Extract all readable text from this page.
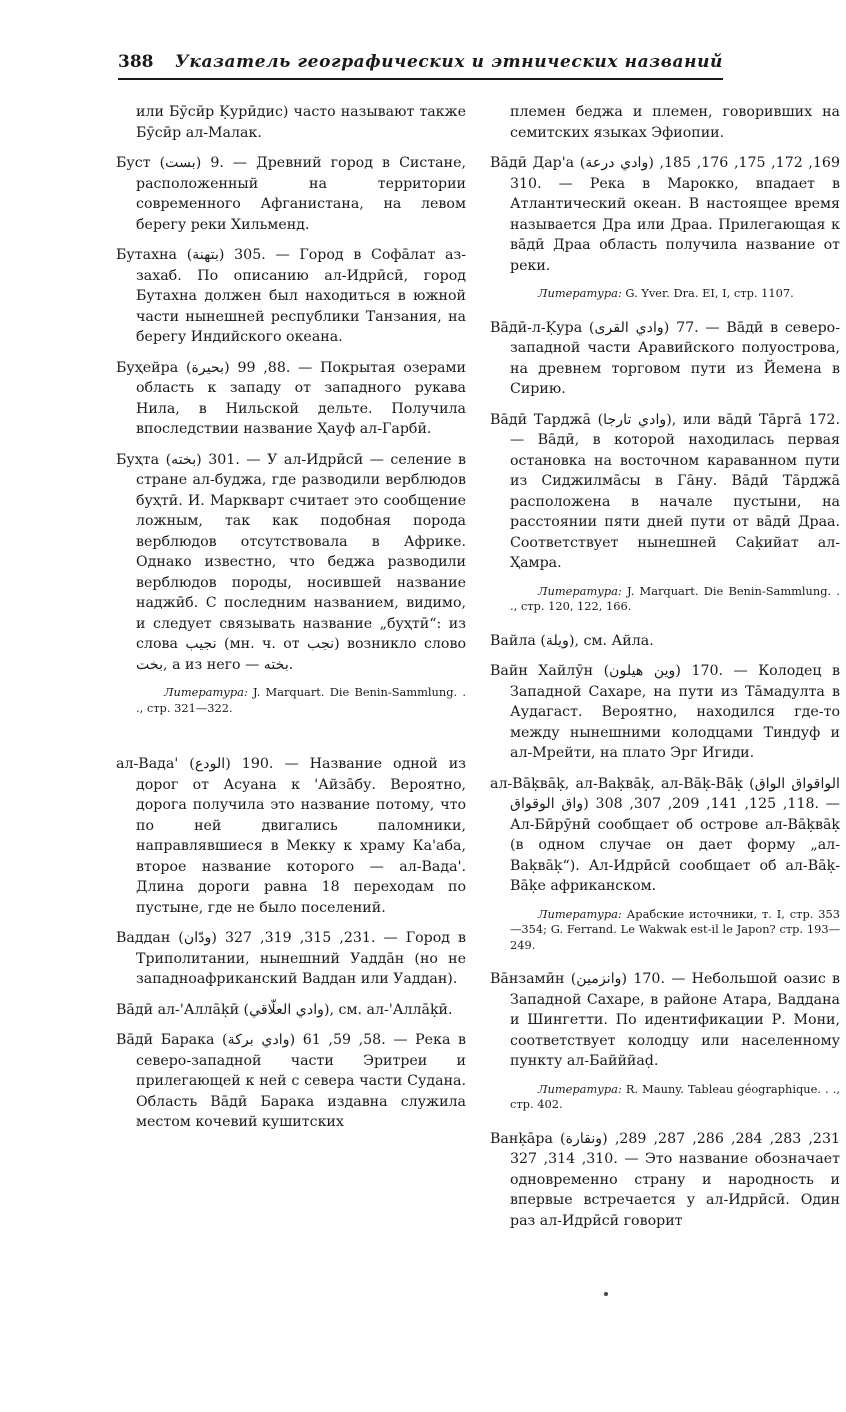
388 Указатель географических и этнических названий

или Бӯсӣр Ḳурӣдис) часто называют также Бӯсӣр ал-Малак.

Буст (بست) 9. — Древний город в Систане, расположенный на территории современного Афганистана, на левом берегу реки Хильменд.

Бутахна (بتهنة) 305. — Город в Софа̄лат аз-захаб. По описанию ал-Идрӣсӣ, город Бутахна должен был находиться в южной части нынешней республики Танзания, на берегу Индийского океана.

Буҳейра (بحيرة) 88, 99. — Покрытая озерами область к западу от западного рукава Нила, в Нильской дельте. Получила впоследствии название Ҳауф ал-Гарбӣ.

Буҳта (بخته) 301. — У ал-Идрӣсӣ — селение в стране ал-буджа, где разводили верблюдов буҳтӣ. И. Маркварт считает это сообщение ложным, так как подобная порода верблюдов отсутствовала в Африке. Однако известно, что беджа разводили верблюдов породы, носившей название наджӣб. С последним названием, видимо, и следует связывать название „буҳтӣ“: из слова نجيب (мн. ч. от نجب) возникло слово بخت, а из него — بخته.

Литература: J. Marquart. Die Benin-Sammlung. . ., стр. 321—322.

ал-Вада' (الودع) 190. — Название одной из дорог от Асуана к 'Айза̄бу. Вероятно, дорога получила это название потому, что по ней двигались паломники, направлявшиеся в Мекку к храму Ка'аба, второе название которого — ал-Вада'. Длина дороги равна 18 переходам по пустыне, где не было поселений.

Ваддан (ودّان) 231, 315, 319, 327. — Город в Триполитании, нынешний Уадда̄н (но не западноафриканский Ваддан или Уаддан).

Ва̄дӣ ал-'Алла̄ḳӣ (وادي العلّاقي), см. ал-'Алла̄ḳӣ.

Ва̄дӣ Барака (وادي بركة) 58, 59, 61. — Река в северо-западной части Эритреи и прилегающей к ней с севера части Судана. Область Ва̄дӣ Барака издавна служила местом кочевий кушитских

племен беджа и племен, говоривших на семитских языках Эфиопии.

Ва̄дӣ Дар'а (وادي درعة) 169, 172, 175, 176, 185, 310. — Река в Марокко, впадает в Атлантический океан. В настоящее время называется Дра или Драа. Прилегающая к ва̄дӣ Драа область получила название от реки.

Литература: G. Yver. Dra. EI, I, стр. 1107.

Ва̄дӣ-л-Ḳура (وادي القرى) 77. — Ва̄дӣ в северо-западной части Аравийского полуострова, на древнем торговом пути из Йемена в Сирию.

Ва̄дӣ Тарджа̄ (وادي تارجا), или ва̄дӣ Та̄рга̄ 172. — Ва̄дӣ, в которой находилась первая остановка на восточном караванном пути из Сиджилма̄сы в Га̄ну. Ва̄дӣ Та̄рджа̄ расположена в начале пустыни, на расстоянии пяти дней пути от ва̄дӣ Драа. Соответствует нынешней Саḳийат ал-Ҳамра.

Литература: J. Marquart. Die Benin-Sammlung. . ., стр. 120, 122, 166.

Вайла (ويلة), см. Айла.

Вайн Хайлӯн (وين هيلون) 170. — Колодец в Западной Сахаре, на пути из Та̄мадулта в Аудагаст. Вероятно, находился где-то между нынешними колодцами Тиндуф и ал-Мрейти, на плато Эрг Игиди.

ал-Ва̄ḳва̄ḳ, ал-Ваḳва̄ḳ, ал-Ва̄ḳ-Ва̄ḳ (الواقواق الواق واق الوقواق) 118, 125, 141, 209, 307, 308. — Ал-Бӣрӯнӣ сообщает об острове ал-Ва̄ḳва̄ḳ (в одном случае он дает форму „ал-Ваḳва̄ḳ“). Ал-Идрӣсӣ сообщает об ал-Ва̄ḳ-Ва̄ḳе африканском.

Литература: Арабские источники, т. I, стр. 353—354; G. Ferrand. Le Wakwak est-il le Japon? стр. 193—249.

Ва̄нзамӣн (وانزمين) 170. — Небольшой оазис в Западной Сахаре, в районе Атара, Ваддана и Шингетти. По идентификации Р. Мони, соответствует колодцу или населенному пункту ал-Байййаḍ.

Литература: R. Mauny. Tableau géographique. . ., стр. 402.

Ванḳа̄ра (ونقارة) 231, 283, 284, 286, 287, 289, 310, 314, 327. — Это название обозначает одновременно страну и народность и впервые встречается у ал-Идрӣсӣ. Один раз ал-Идрӣсӣ говорит
